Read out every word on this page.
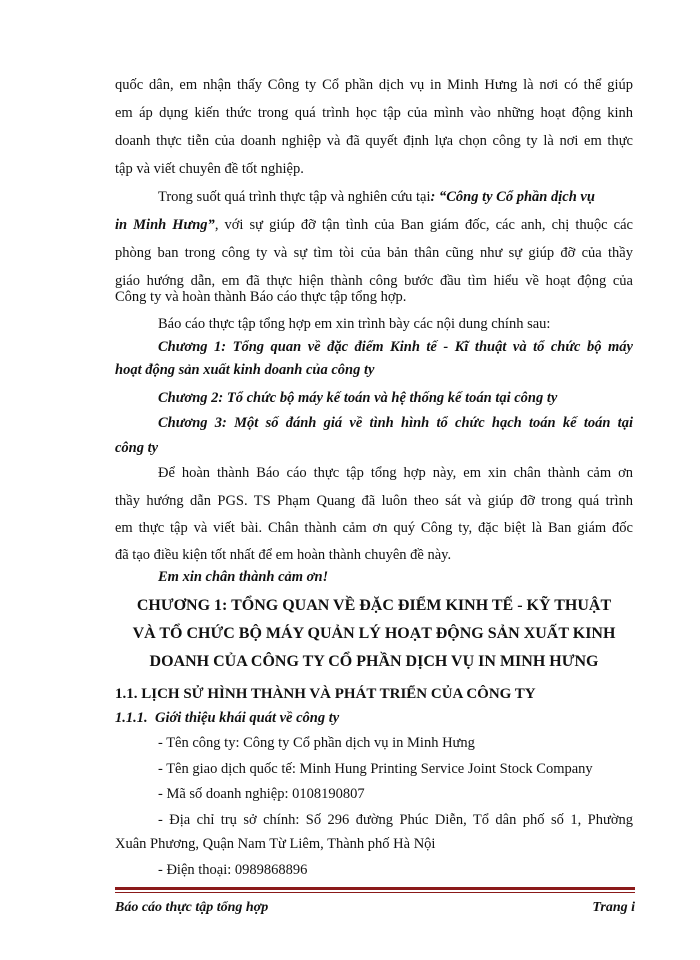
quốc dân, em nhận thấy Công ty Cổ phần dịch vụ in Minh Hưng là nơi có thể giúp
em áp dụng kiến thức trong quá trình học tập của mình vào những hoạt động kinh
doanh thực tiễn của doanh nghiệp và đã quyết định lựa chọn công ty là nơi em thực
tập và viết chuyên đề tốt nghiệp.
Trong suốt quá trình thực tập và nghiên cứu tại: “Công ty Cổ phần dịch vụ
in Minh Hưng”, với sự giúp đỡ tận tình của Ban giám đốc, các anh, chị thuộc các
phòng ban trong công ty và sự tìm tòi của bản thân cũng như sự giúp đỡ của thầy
giáo hướng dẫn, em đã thực hiện thành công bước đầu tìm hiểu về hoạt động của
Công ty và hoàn thành Báo cáo thực tập tổng hợp.
Báo cáo thực tập tổng hợp em xin trình bày các nội dung chính sau:
Chương 1: Tổng quan về đặc điểm Kinh tế - Kĩ thuật và tổ chức bộ máy
hoạt động sản xuất kinh doanh của công ty
Chương 2: Tổ chức bộ máy kế toán và hệ thống kế toán tại công ty
Chương 3: Một số đánh giá về tình hình tổ chức hạch toán kế toán tại
công ty
Để hoàn thành Báo cáo thực tập tổng hợp này, em xin chân thành cảm ơn
thầy hướng dẫn PGS. TS Phạm Quang đã luôn theo sát và giúp đỡ trong quá trình
em thực tập và viết bài. Chân thành cảm ơn quý Công ty, đặc biệt là Ban giám đốc
đã tạo điều kiện tốt nhất để em hoàn thành chuyên đề này.
Em xin chân thành cảm ơn!
CHƯƠNG 1: TỔNG QUAN VỀ ĐẶC ĐIỂM KINH TẾ - KỸ THUẬT
VÀ TỔ CHỨC BỘ MÁY QUẢN LÝ HOẠT ĐỘNG SẢN XUẤT KINH
DOANH CỦA CÔNG TY CỔ PHẦN DỊCH VỤ IN MINH HƯNG
1.1. LỊCH SỬ HÌNH THÀNH VÀ PHÁT TRIỂN CỦA CÔNG TY
1.1.1. Giới thiệu khái quát về công ty
- Tên công ty: Công ty Cổ phần dịch vụ in Minh Hưng
- Tên giao dịch quốc tế: Minh Hung Printing Service Joint Stock Company
- Mã số doanh nghiệp: 0108190807
- Địa chỉ trụ sở chính: Số 296 đường Phúc Diễn, Tổ dân phố số 1, Phường
Xuân Phương, Quận Nam Từ Liêm, Thành phố Hà Nội
- Điện thoại: 0989868896
Báo cáo thực tập tổng hợp	Trang i
